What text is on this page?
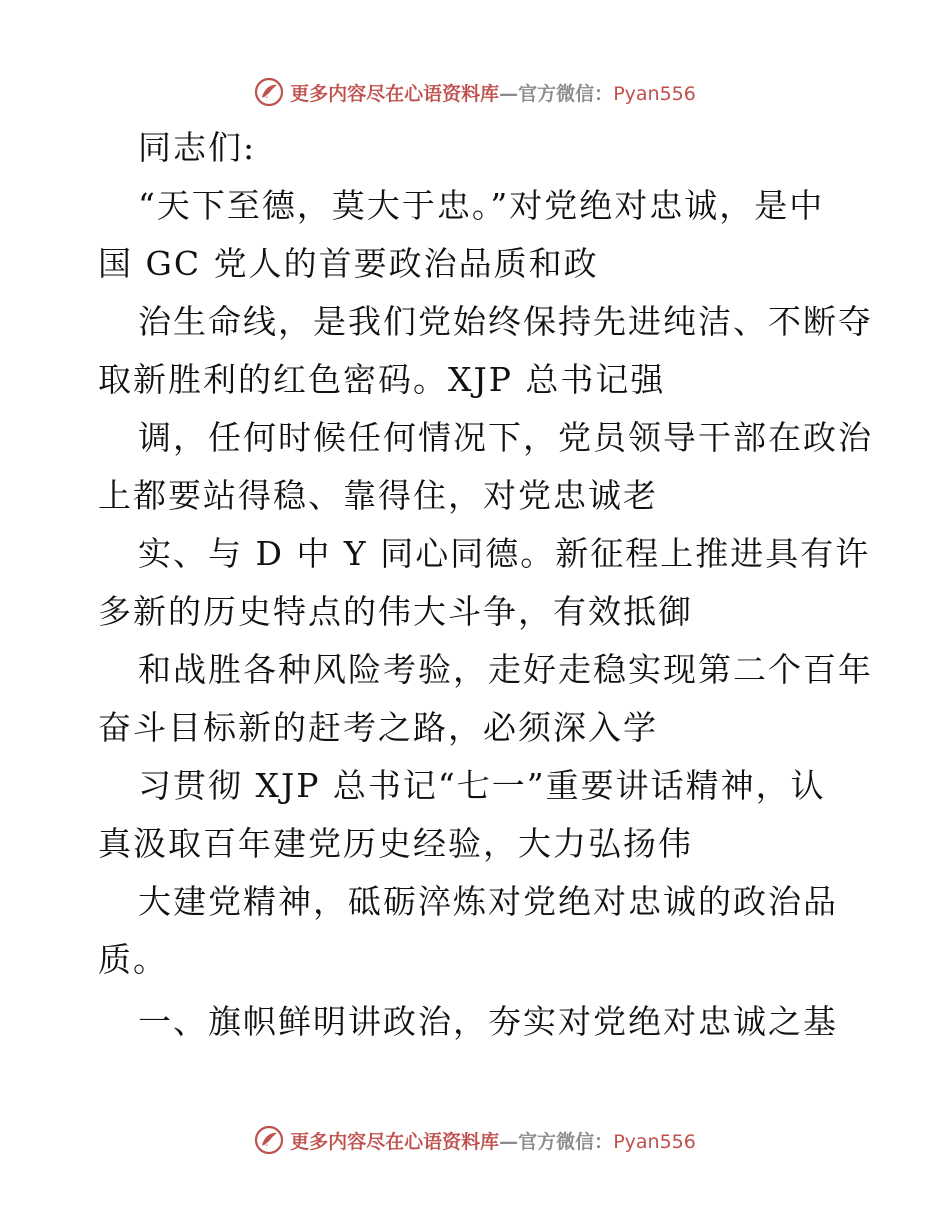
更多内容尽在心语资料库—官方微信：Pyan556
同志们:
“天下至德，莫大于忠。”对党绝对忠诚，是中
国 GC 党人的首要政治品质和政
治生命线，是我们党始终保持先进纯洁、不断夺
取新胜利的红色密码。XJP 总书记强
调，任何时候任何情况下，党员领导干部在政治
上都要站得稳、靠得住，对党忠诚老
实、与 D 中 Y 同心同德。新征程上推进具有许
多新的历史特点的伟大斗争，有效抵御
和战胜各种风险考验，走好走稳实现第二个百年
奋斗目标新的赶考之路，必须深入学
习贯彻 XJP 总书记“七一”重要讲话精神，认
真汲取百年建党历史经验，大力弘扬伟
大建党精神，砥砺淬炼对党绝对忠诚的政治品
质。
一、旗帜鲜明讲政治，夯实对党绝对忠诚之基
更多内容尽在心语资料库—官方微信：Pyan556
